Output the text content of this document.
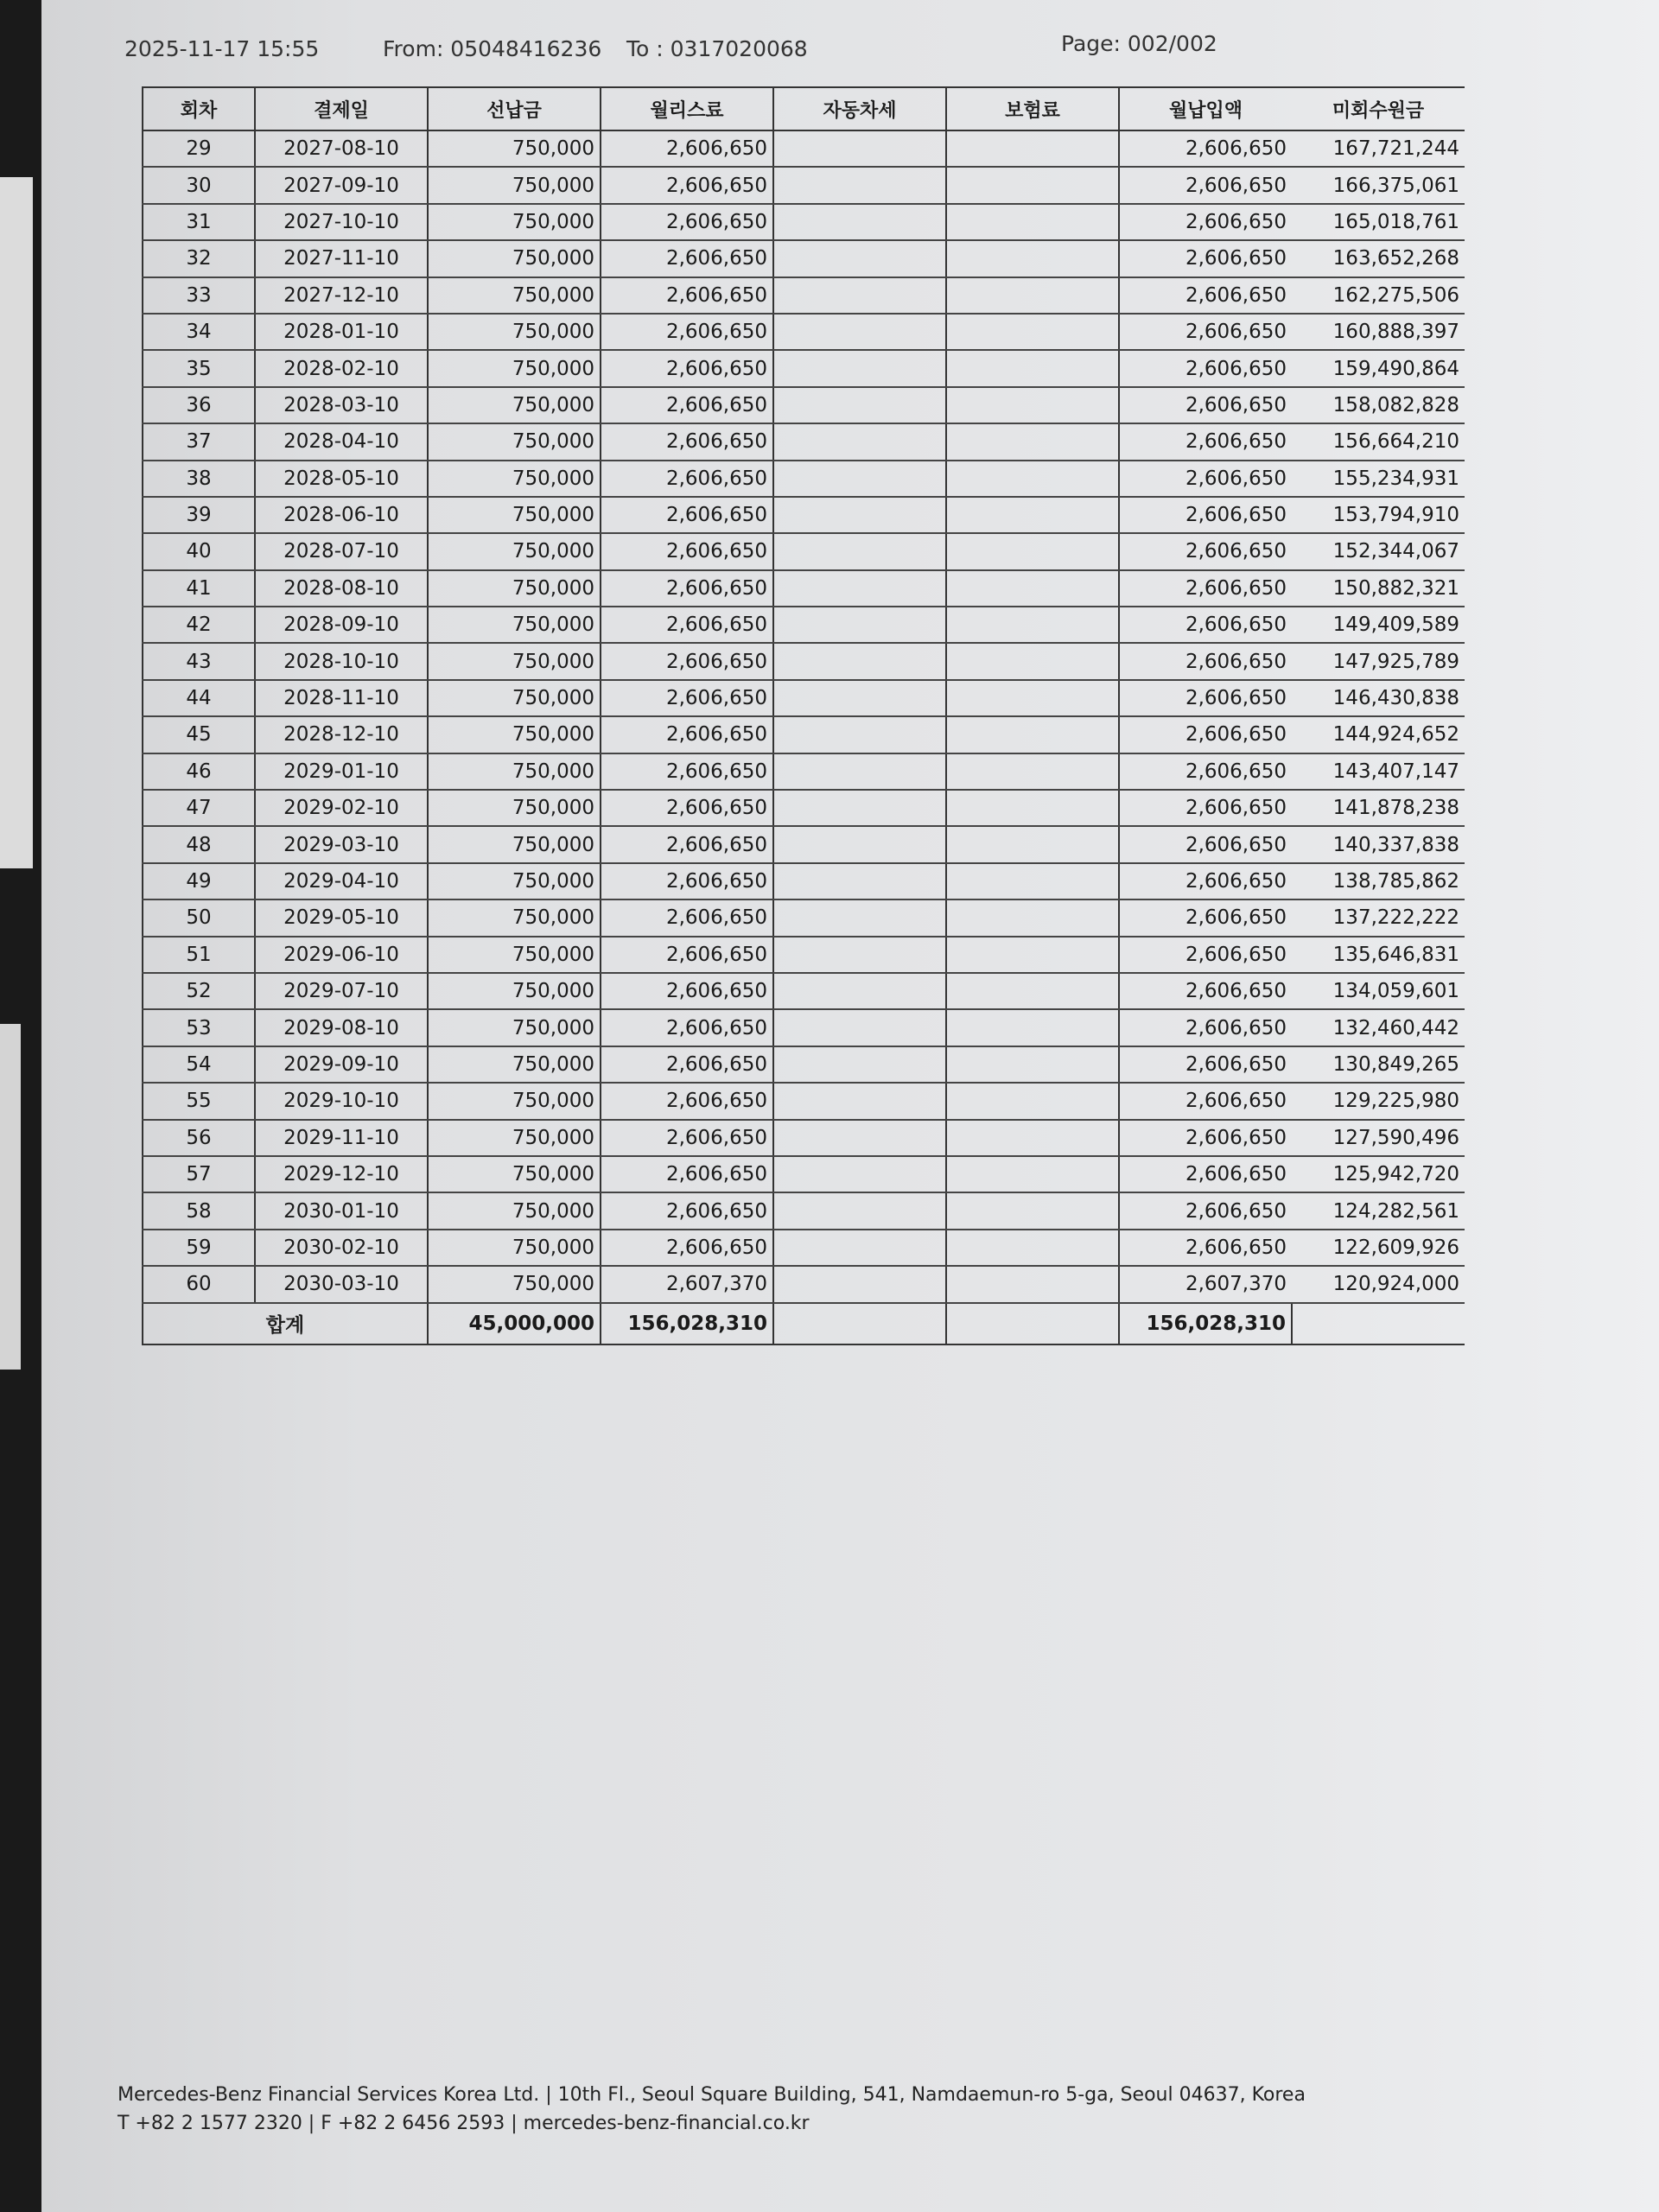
2025-11-17 15:55	From: 05048416236 To : 0317020068	Page: 002/002
회차	결제일	선납금	월리스료	자동차세	보험료	월납입액	미회수원금
29	2027-08-10	750,000	2,606,650			2,606,650	167,721,244
30	2027-09-10	750,000	2,606,650			2,606,650	166,375,061
31	2027-10-10	750,000	2,606,650			2,606,650	165,018,761
32	2027-11-10	750,000	2,606,650			2,606,650	163,652,268
33	2027-12-10	750,000	2,606,650			2,606,650	162,275,506
34	2028-01-10	750,000	2,606,650			2,606,650	160,888,397
35	2028-02-10	750,000	2,606,650			2,606,650	159,490,864
36	2028-03-10	750,000	2,606,650			2,606,650	158,082,828
37	2028-04-10	750,000	2,606,650			2,606,650	156,664,210
38	2028-05-10	750,000	2,606,650			2,606,650	155,234,931
39	2028-06-10	750,000	2,606,650			2,606,650	153,794,910
40	2028-07-10	750,000	2,606,650			2,606,650	152,344,067
41	2028-08-10	750,000	2,606,650			2,606,650	150,882,321
42	2028-09-10	750,000	2,606,650			2,606,650	149,409,589
43	2028-10-10	750,000	2,606,650			2,606,650	147,925,789
44	2028-11-10	750,000	2,606,650			2,606,650	146,430,838
45	2028-12-10	750,000	2,606,650			2,606,650	144,924,652
46	2029-01-10	750,000	2,606,650			2,606,650	143,407,147
47	2029-02-10	750,000	2,606,650			2,606,650	141,878,238
48	2029-03-10	750,000	2,606,650			2,606,650	140,337,838
49	2029-04-10	750,000	2,606,650			2,606,650	138,785,862
50	2029-05-10	750,000	2,606,650			2,606,650	137,222,222
51	2029-06-10	750,000	2,606,650			2,606,650	135,646,831
52	2029-07-10	750,000	2,606,650			2,606,650	134,059,601
53	2029-08-10	750,000	2,606,650			2,606,650	132,460,442
54	2029-09-10	750,000	2,606,650			2,606,650	130,849,265
55	2029-10-10	750,000	2,606,650			2,606,650	129,225,980
56	2029-11-10	750,000	2,606,650			2,606,650	127,590,496
57	2029-12-10	750,000	2,606,650			2,606,650	125,942,720
58	2030-01-10	750,000	2,606,650			2,606,650	124,282,561
59	2030-02-10	750,000	2,606,650			2,606,650	122,609,926
60	2030-03-10	750,000	2,607,370			2,607,370	120,924,000
합계		45,000,000	156,028,310			156,028,310	
Mercedes-Benz Financial Services Korea Ltd. | 10th Fl., Seoul Square Building, 541, Namdaemun-ro 5-ga, Seoul 04637, Korea
T +82 2 1577 2320 | F +82 2 6456 2593 | mercedes-benz-financial.co.kr
